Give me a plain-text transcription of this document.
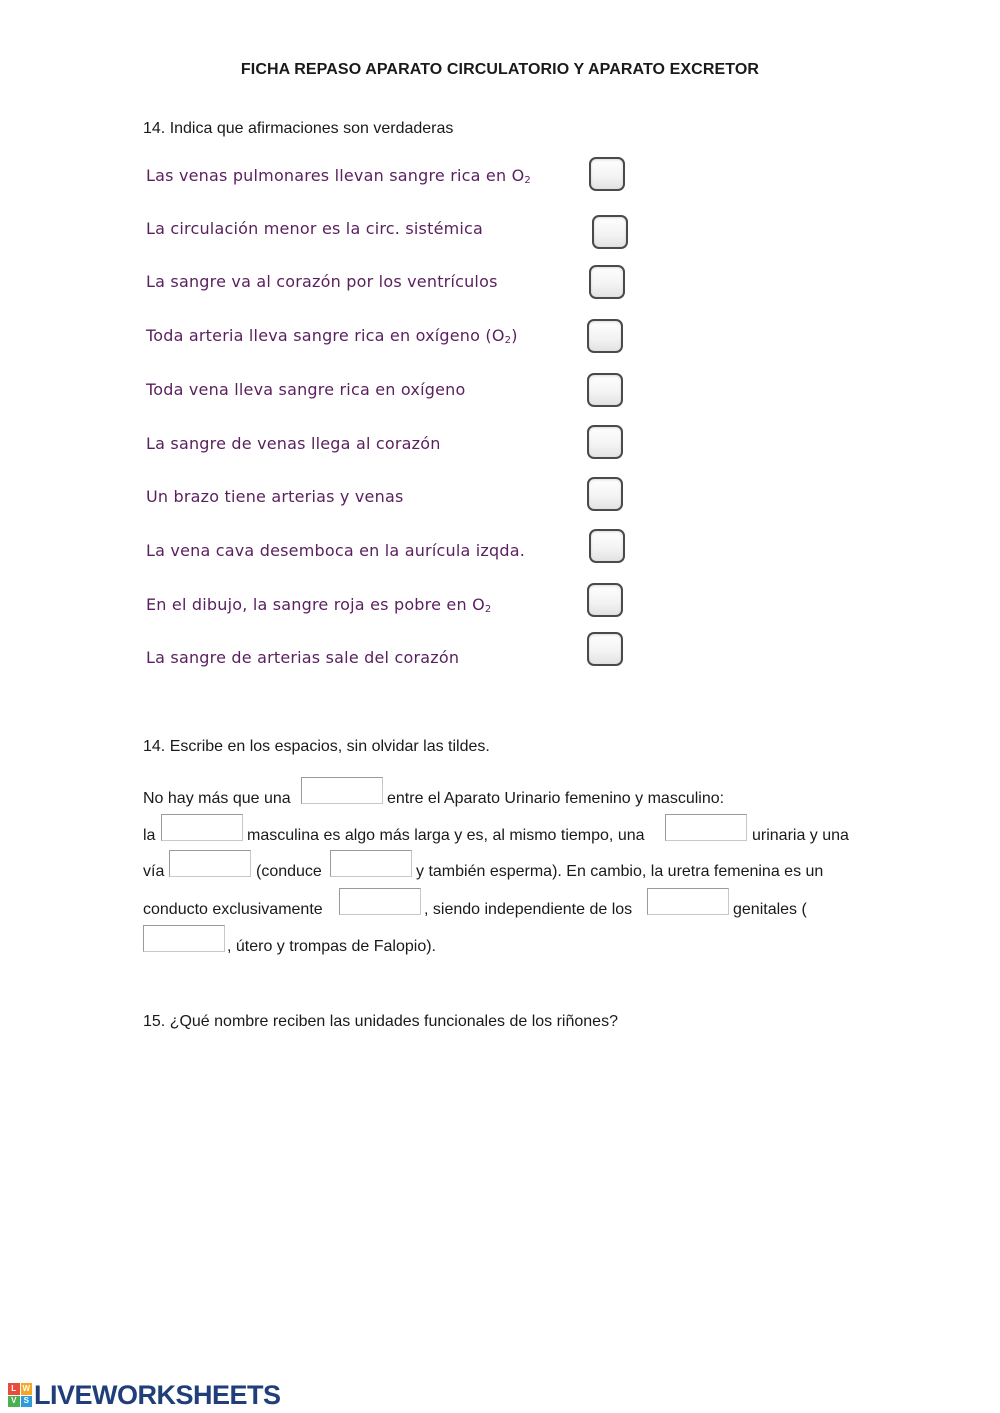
FICHA REPASO APARATO CIRCULATORIO Y APARATO EXCRETOR
14. Indica que afirmaciones son verdaderas
Las venas pulmonares llevan sangre rica en $O_2$
La circulación menor es la circ. sistémica
La sangre va al corazón por los ventrículos
Toda arteria lleva sangre rica en oxígeno $(O_2)$
Toda vena lleva sangre rica en oxígeno
La sangre de venas llega al corazón
Un brazo tiene arterias y venas
La vena cava desemboca en la aurícula izqda.
En el dibujo, la sangre roja es pobre en $O_2$
La sangre de arterias sale del corazón
14. Escribe en los espacios, sin olvidar las tildes.
No hay más que una	entre el Aparato Urinario femenino y masculino:
la	masculina es algo más larga y es, al mismo tiempo, una	urinaria y una
vía	(conduce	y también esperma). En cambio, la uretra femenina es un
conducto exclusivamente	, siendo independiente de los	genitales (
, útero y trompas de Falopio).
15. ¿Qué nombre reciben las unidades funcionales de los riñones?
L W
V S LIVEWORKSHEETS
